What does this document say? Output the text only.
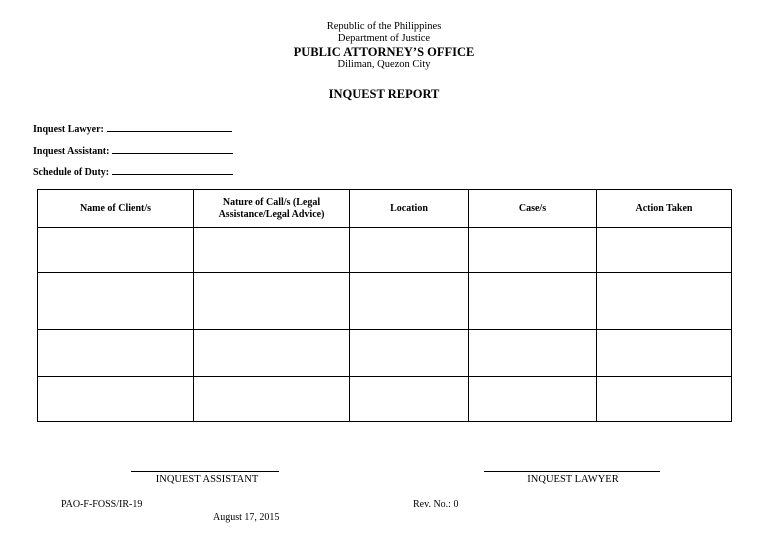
Republic of the Philippines
Department of Justice
PUBLIC ATTORNEY’S OFFICE
Diliman, Quezon City
INQUEST REPORT
Inquest Lawyer:
Inquest Assistant:
Schedule of Duty:
Name of Client/s	Nature of Call/s (Legal Assistance/Legal Advice)	Location	Case/s	Action Taken

INQUEST ASSISTANT	INQUEST LAWYER
PAO-F-FOSS/IR-19
August 17, 2015
Rev. No.: 0
